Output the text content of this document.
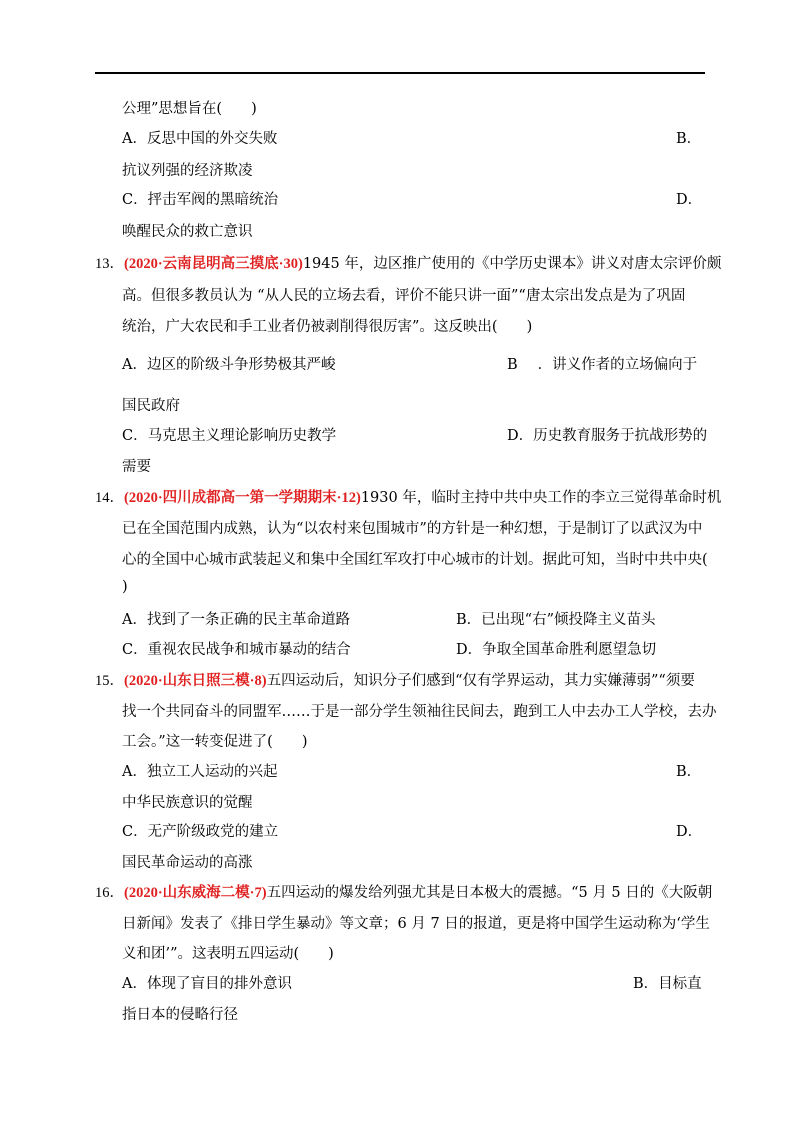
公理”思想旨在(　　)
A．反思中国的外交失败	B．
抗议列强的经济欺凌
C．抨击军阀的黑暗统治	D．
唤醒民众的救亡意识
13．(2020·云南昆明高三摸底·30)1945 年，边区推广使用的《中学历史课本》讲义对唐太宗评价颇
高。但很多教员认为 “从人民的立场去看，评价不能只讲一面”“唐太宗出发点是为了巩固
统治，广大农民和手工业者仍被剥削得很厉害”。这反映出(　　)
A．边区的阶级斗争形势极其严峻	B ．讲义作者的立场偏向于
国民政府
C．马克思主义理论影响历史教学	D．历史教育服务于抗战形势的
需要
14．(2020·四川成都高一第一学期期末·12)1930 年，临时主持中共中央工作的李立三觉得革命时机
已在全国范围内成熟，认为“以农村来包围城市”的方针是一种幻想，于是制订了以武汉为中
心的全国中心城市武装起义和集中全国红军攻打中心城市的计划。据此可知，当时中共中央(
)
A．找到了一条正确的民主革命道路	B．已出现“右”倾投降主义苗头
C．重视农民战争和城市暴动的结合	D．争取全国革命胜利愿望急切
15．(2020·山东日照三模·8)五四运动后，知识分子们感到“仅有学界运动，其力实嫌薄弱”“须要
找一个共同奋斗的同盟军……于是一部分学生领袖往民间去，跑到工人中去办工人学校，去办
工会。”这一转变促进了(　　)
A．独立工人运动的兴起	B．
中华民族意识的觉醒
C．无产阶级政党的建立	D．
国民革命运动的高涨
16．(2020·山东威海二模·7)五四运动的爆发给列强尤其是日本极大的震撼。“5 月 5 日的《大阪朝
日新闻》发表了《排日学生暴动》等文章；6 月 7 日的报道，更是将中国学生运动称为‘学生
义和团’”。这表明五四运动(　　)
A．体现了盲目的排外意识	B．目标直
指日本的侵略行径
